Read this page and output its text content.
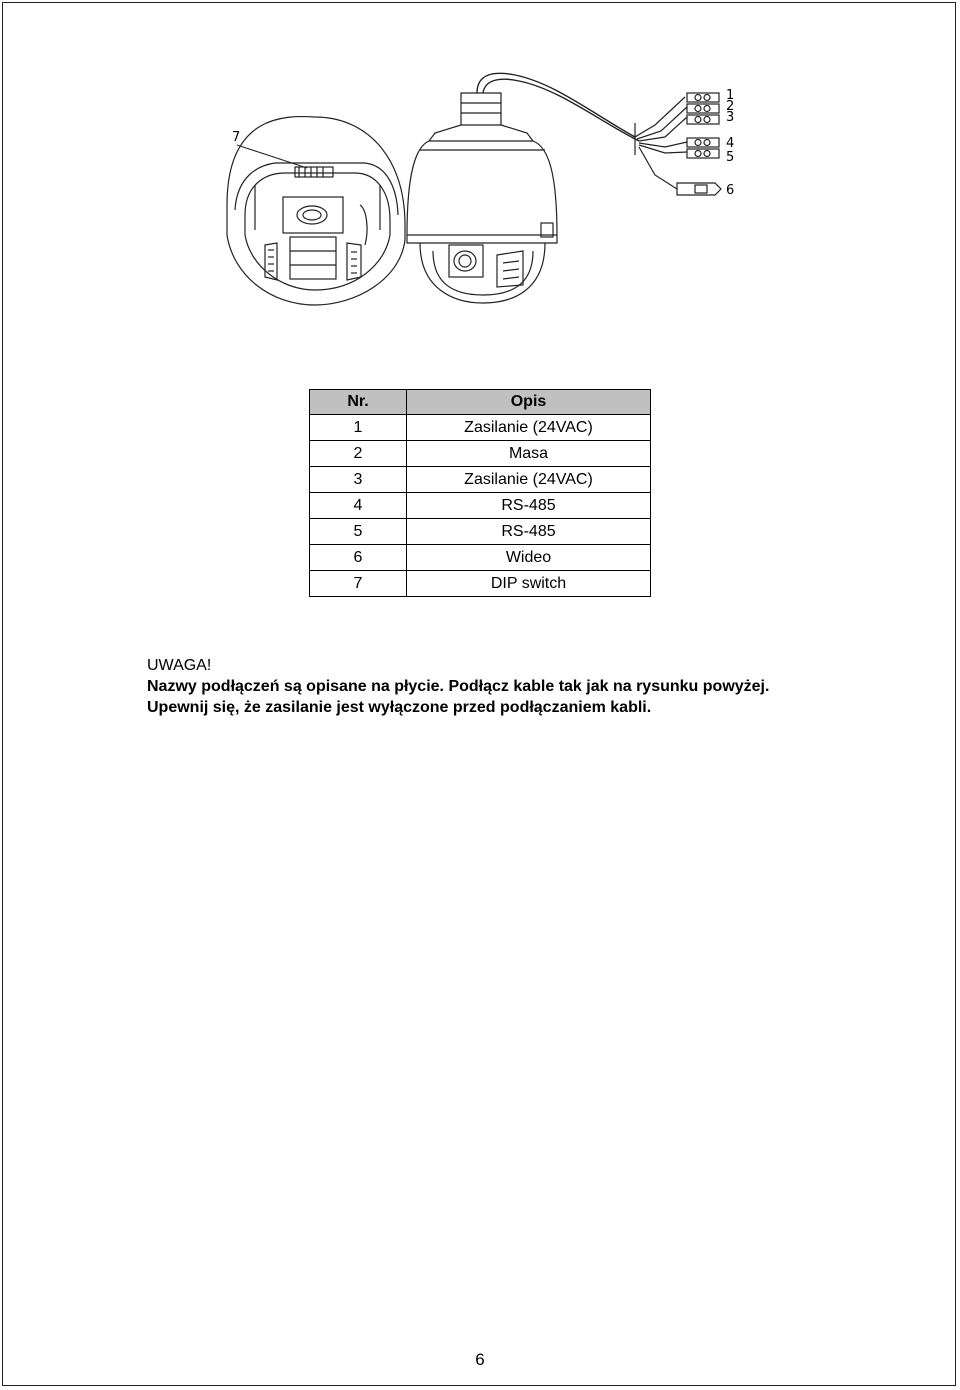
7
1
2
3
4
5
6
Nr.	Opis
1	Zasilanie (24VAC)
2	Masa
3	Zasilanie (24VAC)
4	RS-485
5	RS-485
6	Wideo
7	DIP switch
UWAGA!
Nazwy podłączeń są opisane na płycie. Podłącz kable tak jak na rysunku powyżej.
Upewnij się, że zasilanie jest wyłączone przed podłączaniem kabli.
6
